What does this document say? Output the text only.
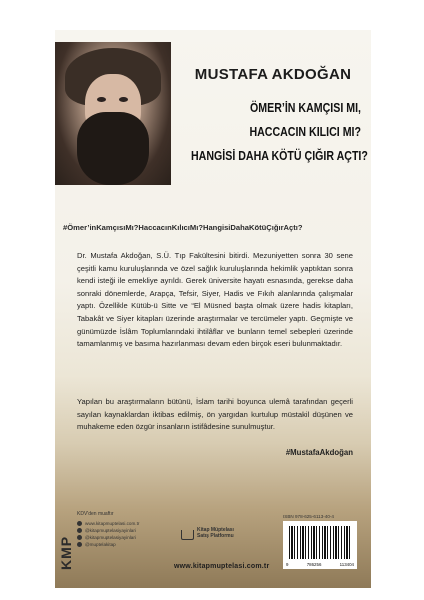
MUSTAFA AKDOĞAN
ÖMER’İN KAMÇISI MI,
HACCACIN KILICI MI?
HANGİSİ DAHA KÖTÜ ÇIĞIR AÇTI?
#Ömer’inKamçısıMı?HaccacınKılıcıMı?HangisiDahaKötüÇığırAçtı?
Dr. Mustafa Akdoğan, S.Ü. Tıp Fakültesini bitirdi. Mezuniyetten sonra 30 sene çeşitli kamu kuruluşlarında ve özel sağlık kuruluşlarında hekimlik yaptıktan sonra kendi isteği ile emekliye ayrıldı. Gerek üniversite hayatı esnasında, gerekse daha sonraki dönemlerde, Arapça, Tefsir, Siyer, Hadis ve Fıkıh alanlarında çalışmalar yaptı. Özellikle Kütüb-ü Sitte ve “El Müsned başta olmak üzere hadis kitapları, Tabakât ve Siyer kitapları üzerinde araştırmalar ve tercümeler yaptı. Geçmişte ve günümüzde İslâm Toplumlarındaki ihtilâflar ve bunların temel sebepleri üzerinde tamamlanmış ve basıma hazırlanması devam eden birçok eseri bulunmaktadır.
Yapılan bu araştırmaların bütünü, İslam tarihi boyunca ulemâ tarafından geçerli sayılan kaynaklardan iktibas edilmiş, ön yargıdan kurtulup müstakil düşünen ve muhakeme eden özgür insanların istifâdesine sunulmuştur.
#MustafaAkdoğan
KMP
KDV'den muaftır
www.kitapmuptelasi.com.tr
@kitapmuptelasiyayinlari
@kitapmuptelasiyayinlari
@muptelakitap
Kitap Müptelası
Satış Platformu
www.kitapmuptelasi.com.tr
ISBN 978-625-6113-40-4
9	786256	113404
